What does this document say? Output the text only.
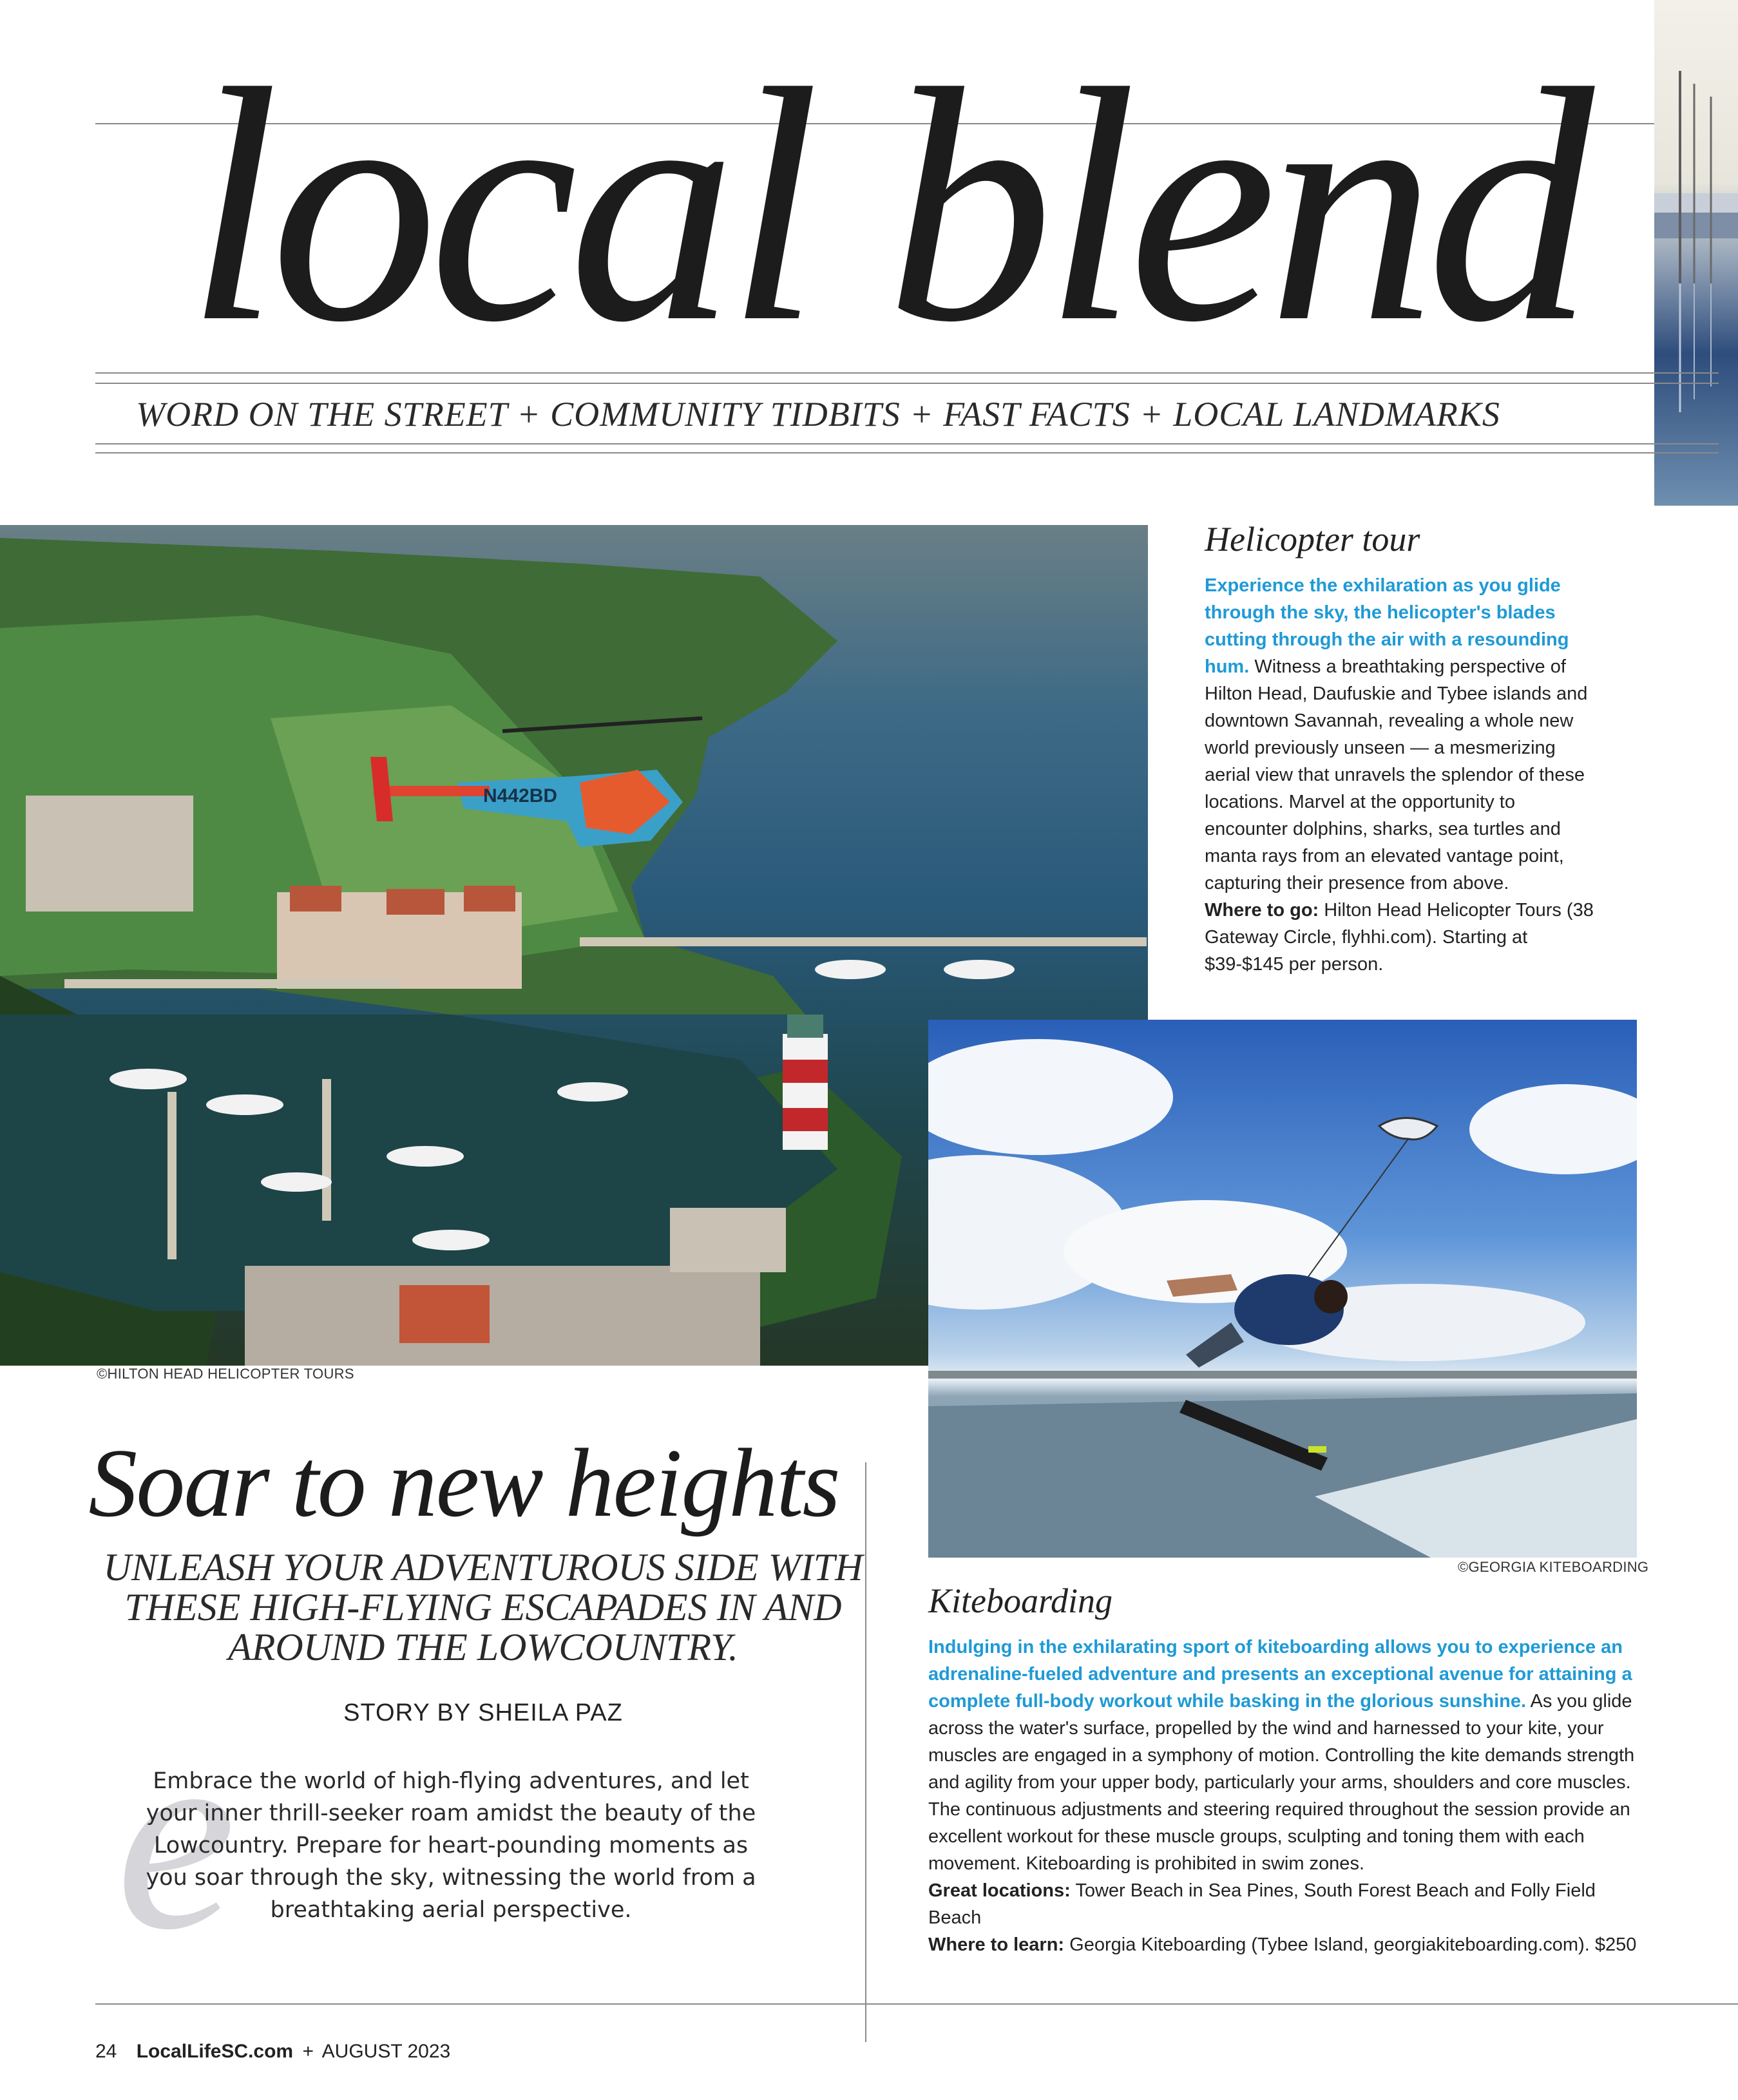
local blend
WORD ON THE STREET + COMMUNITY TIDBITS + FAST FACTS + LOCAL LANDMARKS
N442BD
©HILTON HEAD HELICOPTER TOURS
©GEORGIA KITEBOARDING
Helicopter tour
Experience the exhilaration as you glide through the sky, the helicopter's blades cutting through the air with a resounding hum. Witness a breathtaking perspective of Hilton Head, Daufuskie and Tybee islands and downtown Savannah, revealing a whole new world previously unseen — a mesmerizing aerial view that unravels the splendor of these locations. Marvel at the opportunity to encounter dolphins, sharks, sea turtles and manta rays from an elevated vantage point, capturing their presence from above.
Where to go: Hilton Head Helicopter Tours (38 Gateway Circle, flyhhi.com). Starting at $39-$145 per person.
Kiteboarding
Indulging in the exhilarating sport of kiteboarding allows you to experience an adrenaline-fueled adventure and presents an exceptional avenue for attaining a complete full-body workout while basking in the glorious sunshine. As you glide across the water's surface, propelled by the wind and harnessed to your kite, your muscles are engaged in a symphony of motion. Controlling the kite demands strength and agility from your upper body, particularly your arms, shoulders and core muscles. The continuous adjustments and steering required throughout the session provide an excellent workout for these muscle groups, sculpting and toning them with each movement. Kiteboarding is prohibited in swim zones.
Great locations: Tower Beach in Sea Pines, South Forest Beach and Folly Field Beach
Where to learn: Georgia Kiteboarding (Tybee Island, georgiakiteboarding.com). $250
Soar to new heights
UNLEASH YOUR ADVENTUROUS SIDE WITH THESE HIGH-FLYING ESCAPADES IN AND AROUND THE LOWCOUNTRY.
STORY BY SHEILA PAZ
e
Embrace the world of high-flying adventures, and let your inner thrill-seeker roam amidst the beauty of the Lowcountry. Prepare for heart-pounding moments as you soar through the sky, witnessing the world from a breathtaking aerial perspective.
24 LocalLifeSC.com + AUGUST 2023
